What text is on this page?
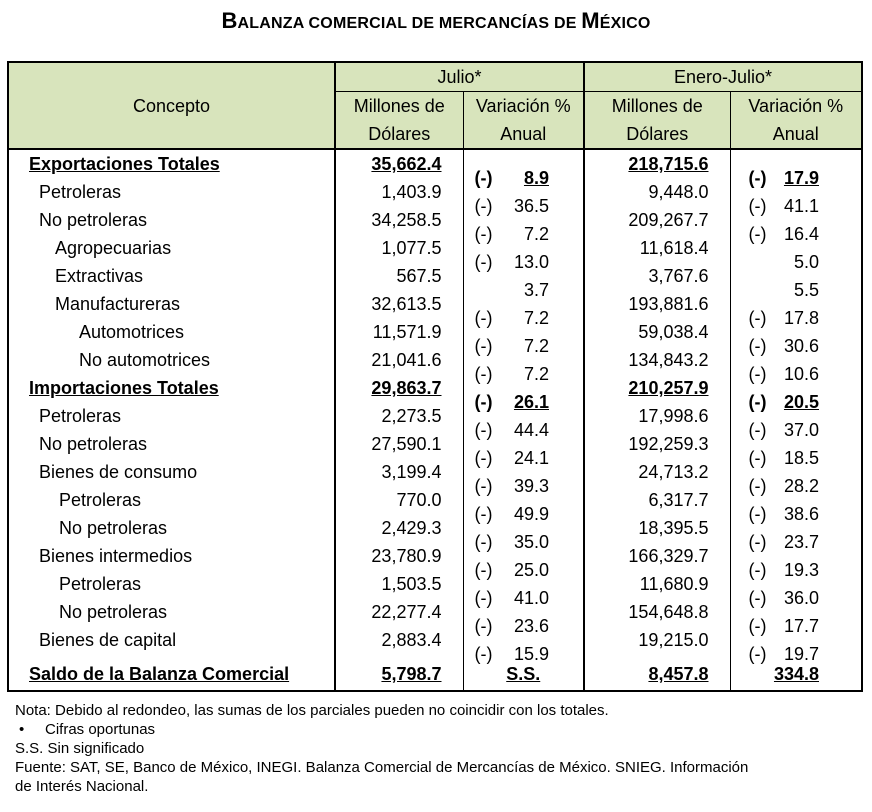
BALANZA COMERCIAL DE MERCANCÍAS DE MÉXICO
Concepto	Julio*		Enero-Julio*	
	Millones de	Variación %	Millones de	Variación %
	Dólares	Anual	Dólares	Anual
Exportaciones Totales	35,662.4	(-) 8.9	218,715.6	(-) 17.9

Petroleras	1,403.9	(-) 36.5	9,448.0	(-) 41.1

No petroleras	34,258.5	(-) 7.2	209,267.7	(-) 16.4

Agropecuarias	1,077.5	(-) 13.0	11,618.4	5.0

Extractivas	567.5	3.7	3,767.6	5.5

Manufactureras	32,613.5	(-) 7.2	193,881.6	(-) 17.8

Automotrices	11,571.9	(-) 7.2	59,038.4	(-) 30.6

No automotrices	21,041.6	(-) 7.2	134,843.2	(-) 10.6

Importaciones Totales	29,863.7	(-) 26.1	210,257.9	(-) 20.5

Petroleras	2,273.5	(-) 44.4	17,998.6	(-) 37.0

No petroleras	27,590.1	(-) 24.1	192,259.3	(-) 18.5

Bienes de consumo	3,199.4	(-) 39.3	24,713.2	(-) 28.2

Petroleras	770.0	(-) 49.9	6,317.7	(-) 38.6

No petroleras	2,429.3	(-) 35.0	18,395.5	(-) 23.7

Bienes intermedios	23,780.9	(-) 25.0	166,329.7	(-) 19.3

Petroleras	1,503.5	(-) 41.0	11,680.9	(-) 36.0

No petroleras	22,277.4	(-) 23.6	154,648.8	(-) 17.7

Bienes de capital	2,883.4	(-) 15.9	19,215.0	(-) 19.7

Saldo de la Balanza Comercial	5,798.7	S.S.	8,457.8	334.8
Nota: Debido al redondeo, las sumas de los parciales pueden no coincidir con los totales.
• Cifras oportunas
S.S. Sin significado
Fuente: SAT, SE, Banco de México, INEGI. Balanza Comercial de Mercancías de México. SNIEG. Información
de Interés Nacional.
